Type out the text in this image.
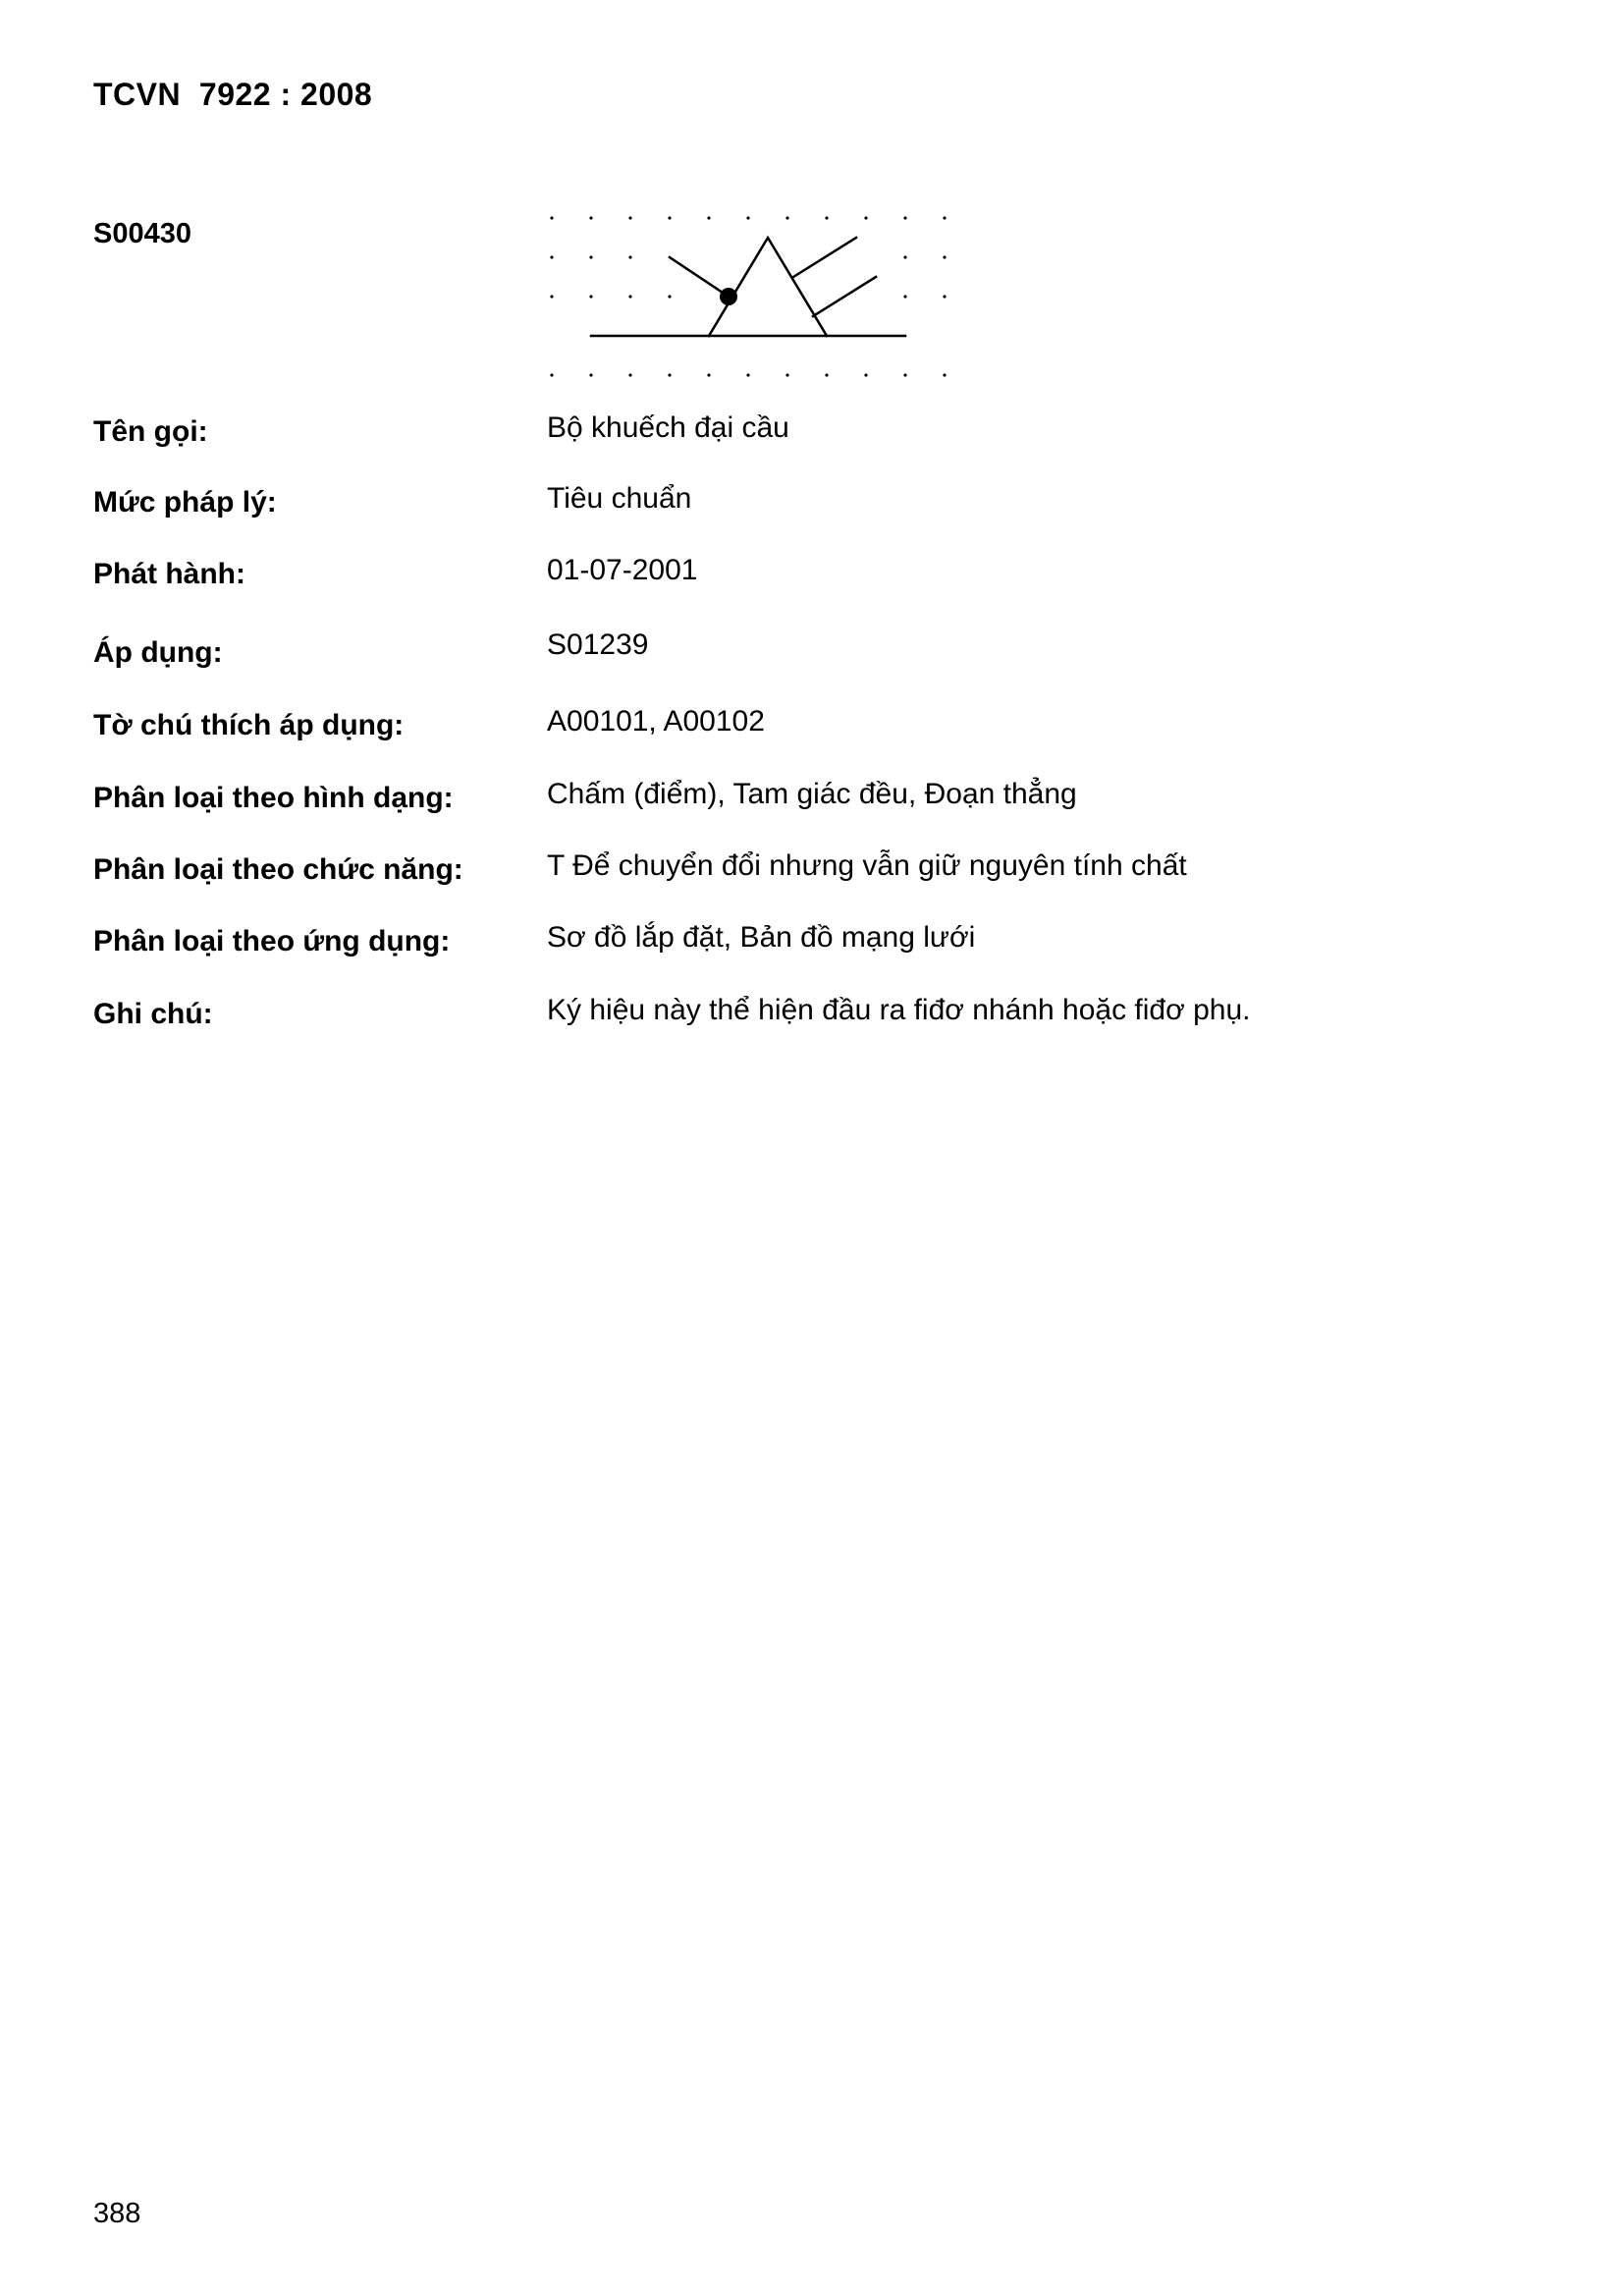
TCVN  7922 : 2008
S00430
Tên gọi:	Bộ khuếch đại cầu
Mức pháp lý:	Tiêu chuẩn
Phát hành:	01-07-2001
Áp dụng:	S01239
Tờ chú thích áp dụng:	A00101, A00102
Phân loại theo hình dạng:	Chấm (điểm), Tam giác đều, Đoạn thẳng
Phân loại theo chức năng:	T Để chuyển đổi nhưng vẫn giữ nguyên tính chất
Phân loại theo ứng dụng:	Sơ đồ lắp đặt, Bản đồ mạng lưới
Ghi chú:	Ký hiệu này thể hiện đầu ra fiđơ nhánh hoặc fiđơ phụ.
388
